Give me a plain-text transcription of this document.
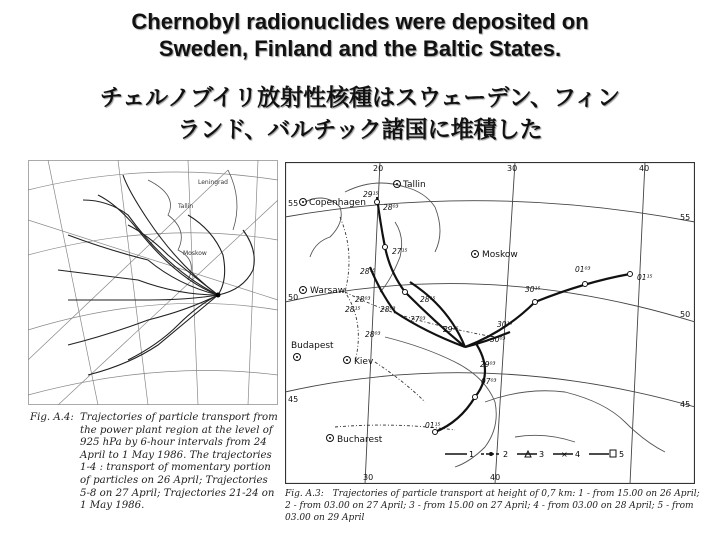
Chernobyl radionuclides were deposited on
Sweden, Finland and the Baltic States.
チェルノブイリ放射性核種はスウェーデン、フィン
ランド、バルチック諸国に堆積した
Leningrad
Tallin
Moskow
Fig. A.4: Trajectories of particle transport from the power plant region at the level of 925 hPa by 6-hour intervals from 24 April to 1 May 1986. The trajectories 1-4 : transport of momentary portion of particles on 26 April; Trajectories 5-8 on 27 April; Trajectories 21-24 on 1 May 1986.
Copenhagen
Tallin
Warsaw
Moskow
Kiev
Budapest
Bucharest
20	30	40
30	40
55
50
45
55
50
45
29¹⁵
28⁰³
28¹⁵
27¹⁵
28⁰³
28⁰³
28¹⁵
27⁰³
28¹⁵
28⁰³
29¹⁵
30⁰³
30¹⁵
01⁰³
01¹⁵
07⁰³
01¹⁵
30¹⁵
29⁰³
1	2	3 × 4	5
Fig. A.3: Trajectories of particle transport at height of 0,7 km: 1 - from 15.00 on 26 April; 2 - from 03.00 on 27 April; 3 - from 15.00 on 27 April; 4 - from 03.00 on 28 April; 5 - from 03.00 on 29 April
